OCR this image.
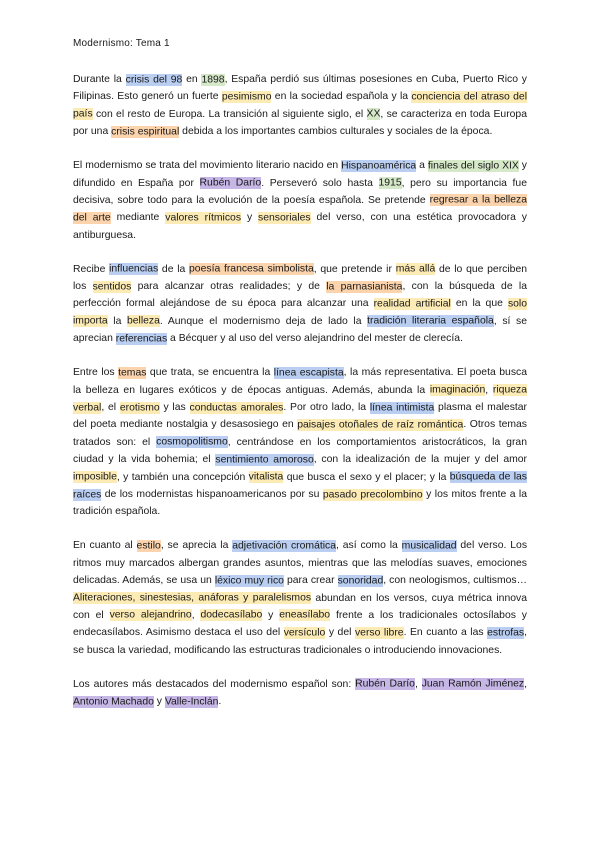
Modernismo: Tema 1

Durante la crisis del 98 en 1898, España perdió sus últimas posesiones en Cuba, Puerto Rico y Filipinas. Esto generó un fuerte pesimismo en la sociedad española y la conciencia del atraso del país con el resto de Europa. La transición al siguiente siglo, el XX, se caracteriza en toda Europa por una crisis espiritual debida a los importantes cambios culturales y sociales de la época.

El modernismo se trata del movimiento literario nacido en Hispanoamérica a finales del siglo XIX y difundido en España por Rubén Darío. Perseveró solo hasta 1915, pero su importancia fue decisiva, sobre todo para la evolución de la poesía española. Se pretende regresar a la belleza del arte mediante valores rítmicos y sensoriales del verso, con una estética provocadora y antiburguesa.

Recibe influencias de la poesía francesa simbolista, que pretende ir más allá de lo que perciben los sentidos para alcanzar otras realidades; y de la parnasianista, con la búsqueda de la perfección formal alejándose de su época para alcanzar una realidad artificial en la que solo importa la belleza. Aunque el modernismo deja de lado la tradición literaria española, sí se aprecian referencias a Bécquer y al uso del verso alejandrino del mester de clerecía.

Entre los temas que trata, se encuentra la línea escapista, la más representativa. El poeta busca la belleza en lugares exóticos y de épocas antiguas. Además, abunda la imaginación, riqueza verbal, el erotismo y las conductas amorales. Por otro lado, la línea intimista plasma el malestar del poeta mediante nostalgia y desasosiego en paisajes otoñales de raíz romántica. Otros temas tratados son: el cosmopolitismo, centrándose en los comportamientos aristocráticos, la gran ciudad y la vida bohemia; el sentimiento amoroso, con la idealización de la mujer y del amor imposible, y también una concepción vitalista que busca el sexo y el placer; y la búsqueda de las raíces de los modernistas hispanoamericanos por su pasado precolombino y los mitos frente a la tradición española.

En cuanto al estilo, se aprecia la adjetivación cromática, así como la musicalidad del verso. Los ritmos muy marcados albergan grandes asuntos, mientras que las melodías suaves, emociones delicadas. Además, se usa un léxico muy rico para crear sonoridad, con neologismos, cultismos… Aliteraciones, sinestesias, anáforas y paralelismos abundan en los versos, cuya métrica innova con el verso alejandrino, dodecasílabo y eneasílabo frente a los tradicionales octosílabos y endecasílabos. Asimismo destaca el uso del versículo y del verso libre. En cuanto a las estrofas, se busca la variedad, modificando las estructuras tradicionales o introduciendo innovaciones.

Los autores más destacados del modernismo español son: Rubén Darío, Juan Ramón Jiménez, Antonio Machado y Valle-Inclán.
